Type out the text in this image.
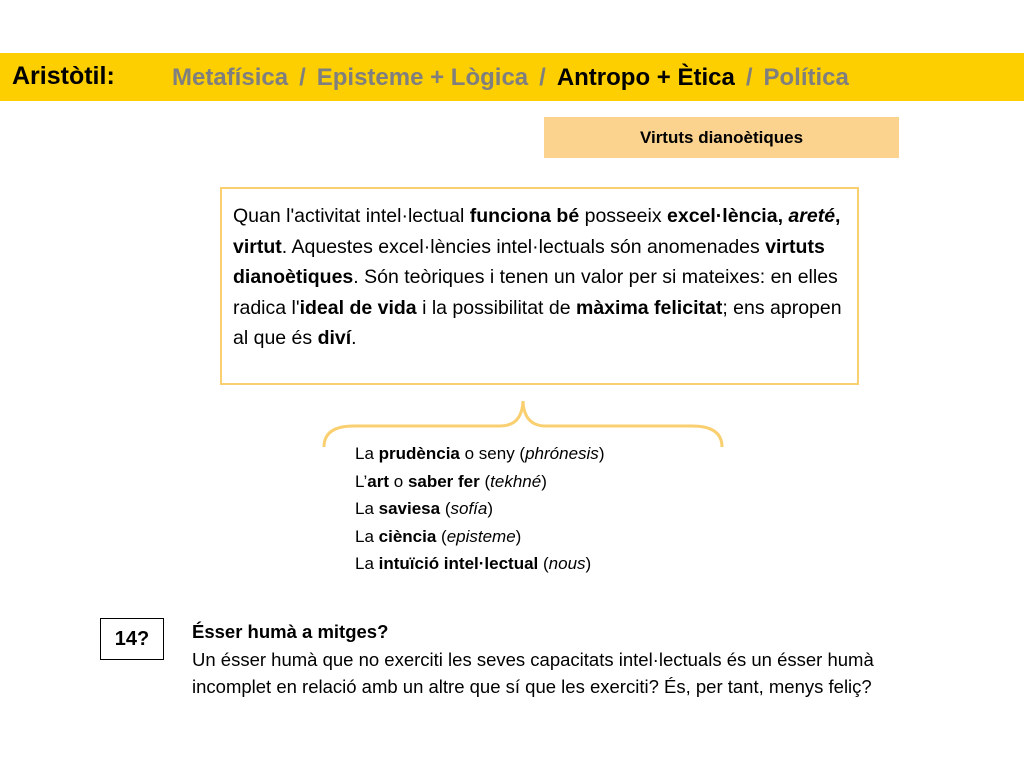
Aristòtil: Metafísica / Episteme + Lògica / Antropo + Ètica / Política
Virtuts dianoètiques
Quan l'activitat intel·lectual funciona bé posseeix excel·lència, areté, virtut. Aquestes excel·lències intel·lectuals són anomenades virtuts dianoètiques. Són teòriques i tenen un valor per si mateixes: en elles radica l'ideal de vida i la possibilitat de màxima felicitat; ens apropen al que és diví.
La prudència o seny (phrónesis)
L’art o saber fer (tekhné)
La saviesa (sofía)
La ciència (episteme)
La intuïció intel·lectual (nous)
14?	Ésser humà a mitges?
Un ésser humà que no exerciti les seves capacitats intel·lectuals és un ésser humà incomplet en relació amb un altre que sí que les exerciti? És, per tant, menys feliç?
